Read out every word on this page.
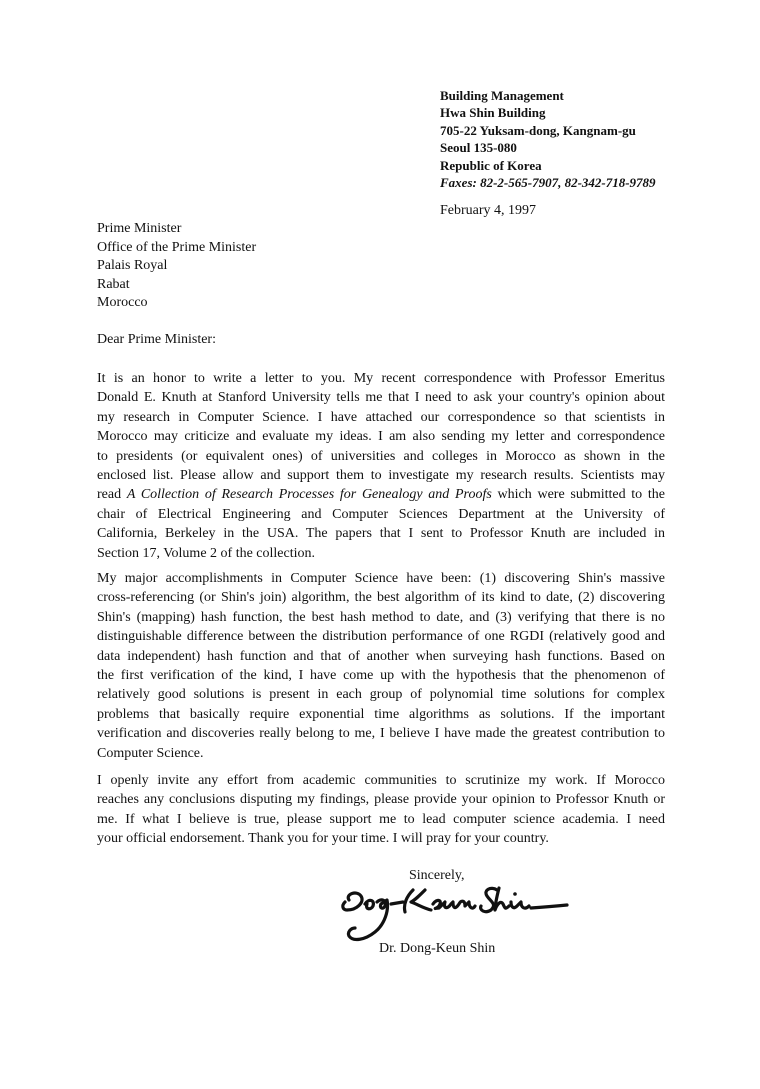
Building Management
Hwa Shin Building
705-22 Yuksam-dong, Kangnam-gu
Seoul 135-080
Republic of Korea
Faxes: 82-2-565-7907, 82-342-718-9789
February 4, 1997
Prime Minister
Office of the Prime Minister
Palais Royal
Rabat
Morocco
Dear Prime Minister:
It is an honor to write a letter to you. My recent correspondence with Professor Emeritus
Donald E. Knuth at Stanford University tells me that I need to ask your country's opinion about
my research in Computer Science. I have attached our correspondence so that scientists in
Morocco may criticize and evaluate my ideas. I am also sending my letter and correspondence
to presidents (or equivalent ones) of universities and colleges in Morocco as shown in the
enclosed list. Please allow and support them to investigate my research results. Scientists may
read A Collection of Research Processes for Genealogy and Proofs which were submitted to the
chair of Electrical Engineering and Computer Sciences Department at the University of
California, Berkeley in the USA. The papers that I sent to Professor Knuth are included in
Section 17, Volume 2 of the collection.
My major accomplishments in Computer Science have been: (1) discovering Shin's massive
cross-referencing (or Shin's join) algorithm, the best algorithm of its kind to date, (2) discovering
Shin's (mapping) hash function, the best hash method to date, and (3) verifying that there is no
distinguishable difference between the distribution performance of one RGDI (relatively good and
data independent) hash function and that of another when surveying hash functions. Based on
the first verification of the kind, I have come up with the hypothesis that the phenomenon of
relatively good solutions is present in each group of polynomial time solutions for complex
problems that basically require exponential time algorithms as solutions. If the important
verification and discoveries really belong to me, I believe I have made the greatest contribution to
Computer Science.
I openly invite any effort from academic communities to scrutinize my work. If Morocco
reaches any conclusions disputing my findings, please provide your opinion to Professor Knuth or
me. If what I believe is true, please support me to lead computer science academia. I need
your official endorsement. Thank you for your time. I will pray for your country.
Sincerely,
Dr. Dong-Keun Shin
